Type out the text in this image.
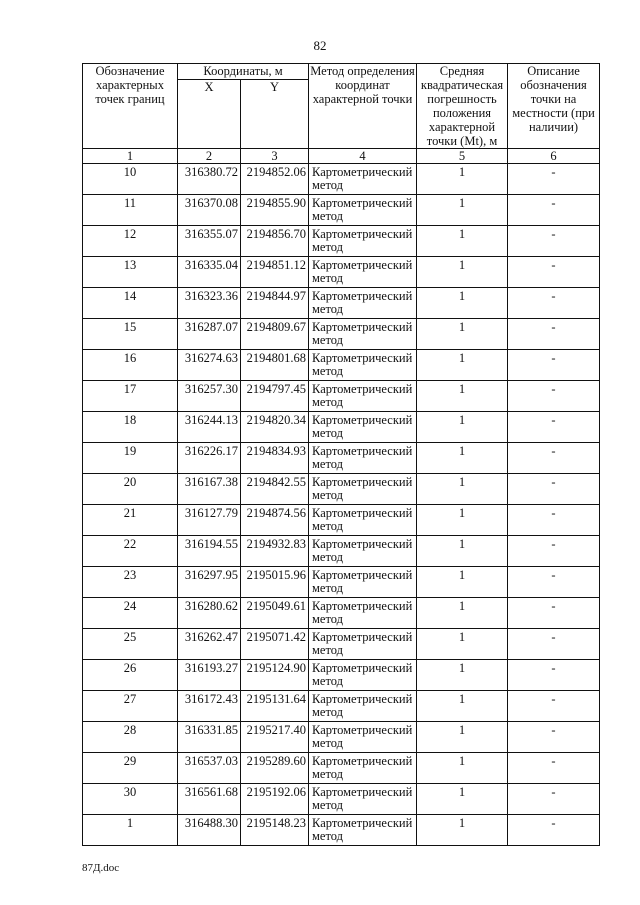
82
Обозначение характерных точек границ	Координаты, м		Метод определения координат характерной точки	Средняя квадратическая погрешность положения характерной точки (Mt), м	Описание обозначения точки на местности (при наличии)
	X	Y			
1	2	3	4	5	6
10	316380.72	2194852.06	Картометрический метод	1	-
11	316370.08	2194855.90	Картометрический метод	1	-
12	316355.07	2194856.70	Картометрический метод	1	-
13	316335.04	2194851.12	Картометрический метод	1	-
14	316323.36	2194844.97	Картометрический метод	1	-
15	316287.07	2194809.67	Картометрический метод	1	-
16	316274.63	2194801.68	Картометрический метод	1	-
17	316257.30	2194797.45	Картометрический метод	1	-
18	316244.13	2194820.34	Картометрический метод	1	-
19	316226.17	2194834.93	Картометрический метод	1	-
20	316167.38	2194842.55	Картометрический метод	1	-
21	316127.79	2194874.56	Картометрический метод	1	-
22	316194.55	2194932.83	Картометрический метод	1	-
23	316297.95	2195015.96	Картометрический метод	1	-
24	316280.62	2195049.61	Картометрический метод	1	-
25	316262.47	2195071.42	Картометрический метод	1	-
26	316193.27	2195124.90	Картометрический метод	1	-
27	316172.43	2195131.64	Картометрический метод	1	-
28	316331.85	2195217.40	Картометрический метод	1	-
29	316537.03	2195289.60	Картометрический метод	1	-
30	316561.68	2195192.06	Картометрический метод	1	-
1	316488.30	2195148.23	Картометрический метод	1	-
87Д.doc
